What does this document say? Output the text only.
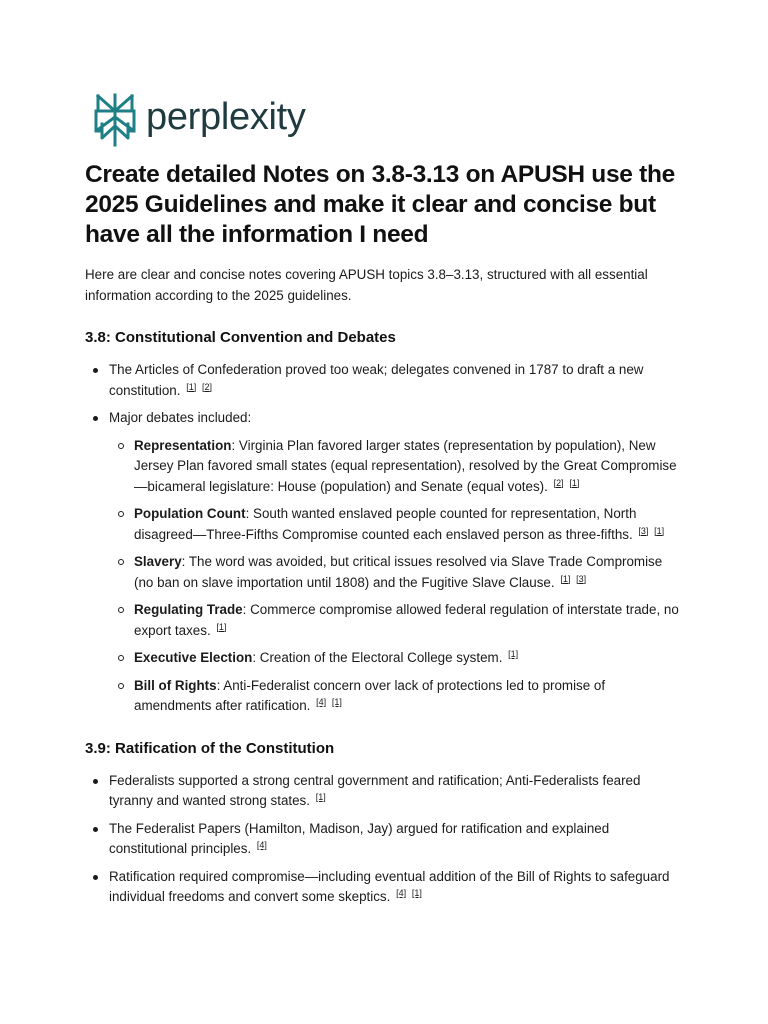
perplexity
Create detailed Notes on 3.8-3.13 on APUSH use the 2025 Guidelines and make it clear and concise but have all the information I need

Here are clear and concise notes covering APUSH topics 3.8–3.13, structured with all essential information according to the 2025 guidelines.

3.8: Constitutional Convention and Debates
The Articles of Confederation proved too weak; delegates convened in 1787 to draft a new constitution. [1] [2]
Major debates included:
Representation: Virginia Plan favored larger states (representation by population), New Jersey Plan favored small states (equal representation), resolved by the Great Compromise—bicameral legislature: House (population) and Senate (equal votes). [2] [1]
Population Count: South wanted enslaved people counted for representation, North disagreed—Three-Fifths Compromise counted each enslaved person as three-fifths. [3] [1]
Slavery: The word was avoided, but critical issues resolved via Slave Trade Compromise (no ban on slave importation until 1808) and the Fugitive Slave Clause. [1] [3]
Regulating Trade: Commerce compromise allowed federal regulation of interstate trade, no export taxes. [1]
Executive Election: Creation of the Electoral College system. [1]
Bill of Rights: Anti-Federalist concern over lack of protections led to promise of amendments after ratification. [4] [1]
3.9: Ratification of the Constitution
Federalists supported a strong central government and ratification; Anti-Federalists feared tyranny and wanted strong states. [1]
The Federalist Papers (Hamilton, Madison, Jay) argued for ratification and explained constitutional principles. [4]
Ratification required compromise—including eventual addition of the Bill of Rights to safeguard individual freedoms and convert some skeptics. [4] [1]
